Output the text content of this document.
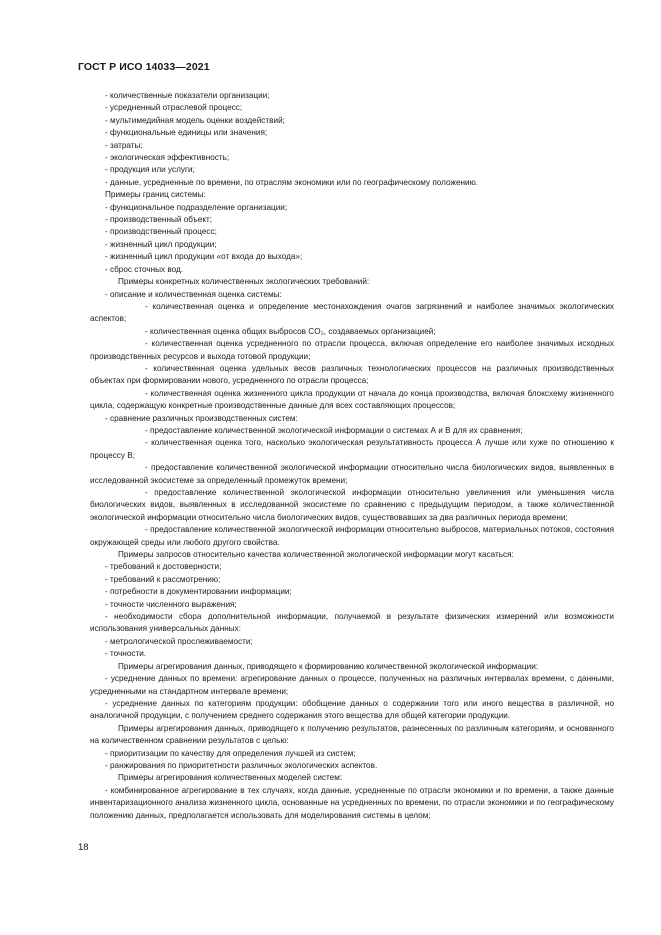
ГОСТ Р ИСО 14033—2021

- количественные показатели организации;

- усредненный отраслевой процесс;

- мультимедийная модель оценки воздействий;

- функциональные единицы или значения;

- затраты;

- экологическая эффективность;

- продукция или услуги;

- данные, усредненные по времени, по отраслям экономики или по географическому положению.

Примеры границ системы:

- функциональное подразделение организации;

- производственный объект;

- производственный процесс;

- жизненный цикл продукции;

- жизненный цикл продукции «от входа до выхода»;

- сброс сточных вод.

Примеры конкретных количественных экологических требований:

- описание и количественная оценка системы:

- количественная оценка и определение местонахождения очагов загрязнений и наиболее значимых экологических аспектов;

- количественная оценка общих выбросов CO₂, создаваемых организацией;

- количественная оценка усредненного по отрасли процесса, включая определение его наиболее значимых исходных производственных ресурсов и выхода готовой продукции;

- количественная оценка удельных весов различных технологических процессов на различных производственных объектах при формировании нового, усредненного по отрасли процесса;

- количественная оценка жизненного цикла продукции от начала до конца производства, включая блоксхему жизненного цикла, содержащую конкретные производственные данные для всех составляющих процессов;

- сравнение различных производственных систем:

- предоставление количественной экологической информации о системах А и В для их сравнения;

- количественная оценка того, насколько экологическая результативность процесса А лучше или хуже по отношению к процессу В;

- предоставление количественной экологической информации относительно числа биологических видов, выявленных в исследованной экосистеме за определенный промежуток времени;

- предоставление количественной экологической информации относительно увеличения или уменьшения числа биологических видов, выявленных в исследованной экосистеме по сравнению с предыдущим периодом, а также количественной экологической информации относительно числа биологических видов, существовавших за два различных периода времени;

- предоставление количественной экологической информации относительно выбросов, материальных потоков, состояния окружающей среды или любого другого свойства.

Примеры запросов относительно качества количественной экологической информации могут касаться:

- требований к достоверности;

- требований к рассмотрению;

- потребности в документировании информации;

- точности численного выражения;

- необходимости сбора дополнительной информации, получаемой в результате физических измерений или возможности использования универсальных данных:

- метрологической прослеживаемости;

- точности.

Примеры агрегирования данных, приводящего к формированию количественной экологической информации:

- усреднение данных по времени: агрегирование данных о процессе, полученных на различных интервалах времени, с данными, усредненными на стандартном интервале времени;

- усреднение данных по категориям продукции: обобщение данных о содержании того или иного вещества в различной, но аналогичной продукции, с получением среднего содержания этого вещества для общей категории продукции.

Примеры агрегирования данных, приводящего к получению результатов, разнесенных по различным категориям, и основанного на количественном сравнении результатов с целью:

- приоритизации по качеству для определения лучшей из систем;

- ранжирования по приоритетности различных экологических аспектов.

Примеры агрегирования количественных моделей систем:

- комбинированное агрегирование в тех случаях, когда данные, усредненные по отрасли экономики и по времени, а также данные инвентаризационного анализа жизненного цикла, основанные на усредненных по времени, по отрасли экономики и по географическому положению данных, предполагается использовать для моделирования системы в целом;

18
